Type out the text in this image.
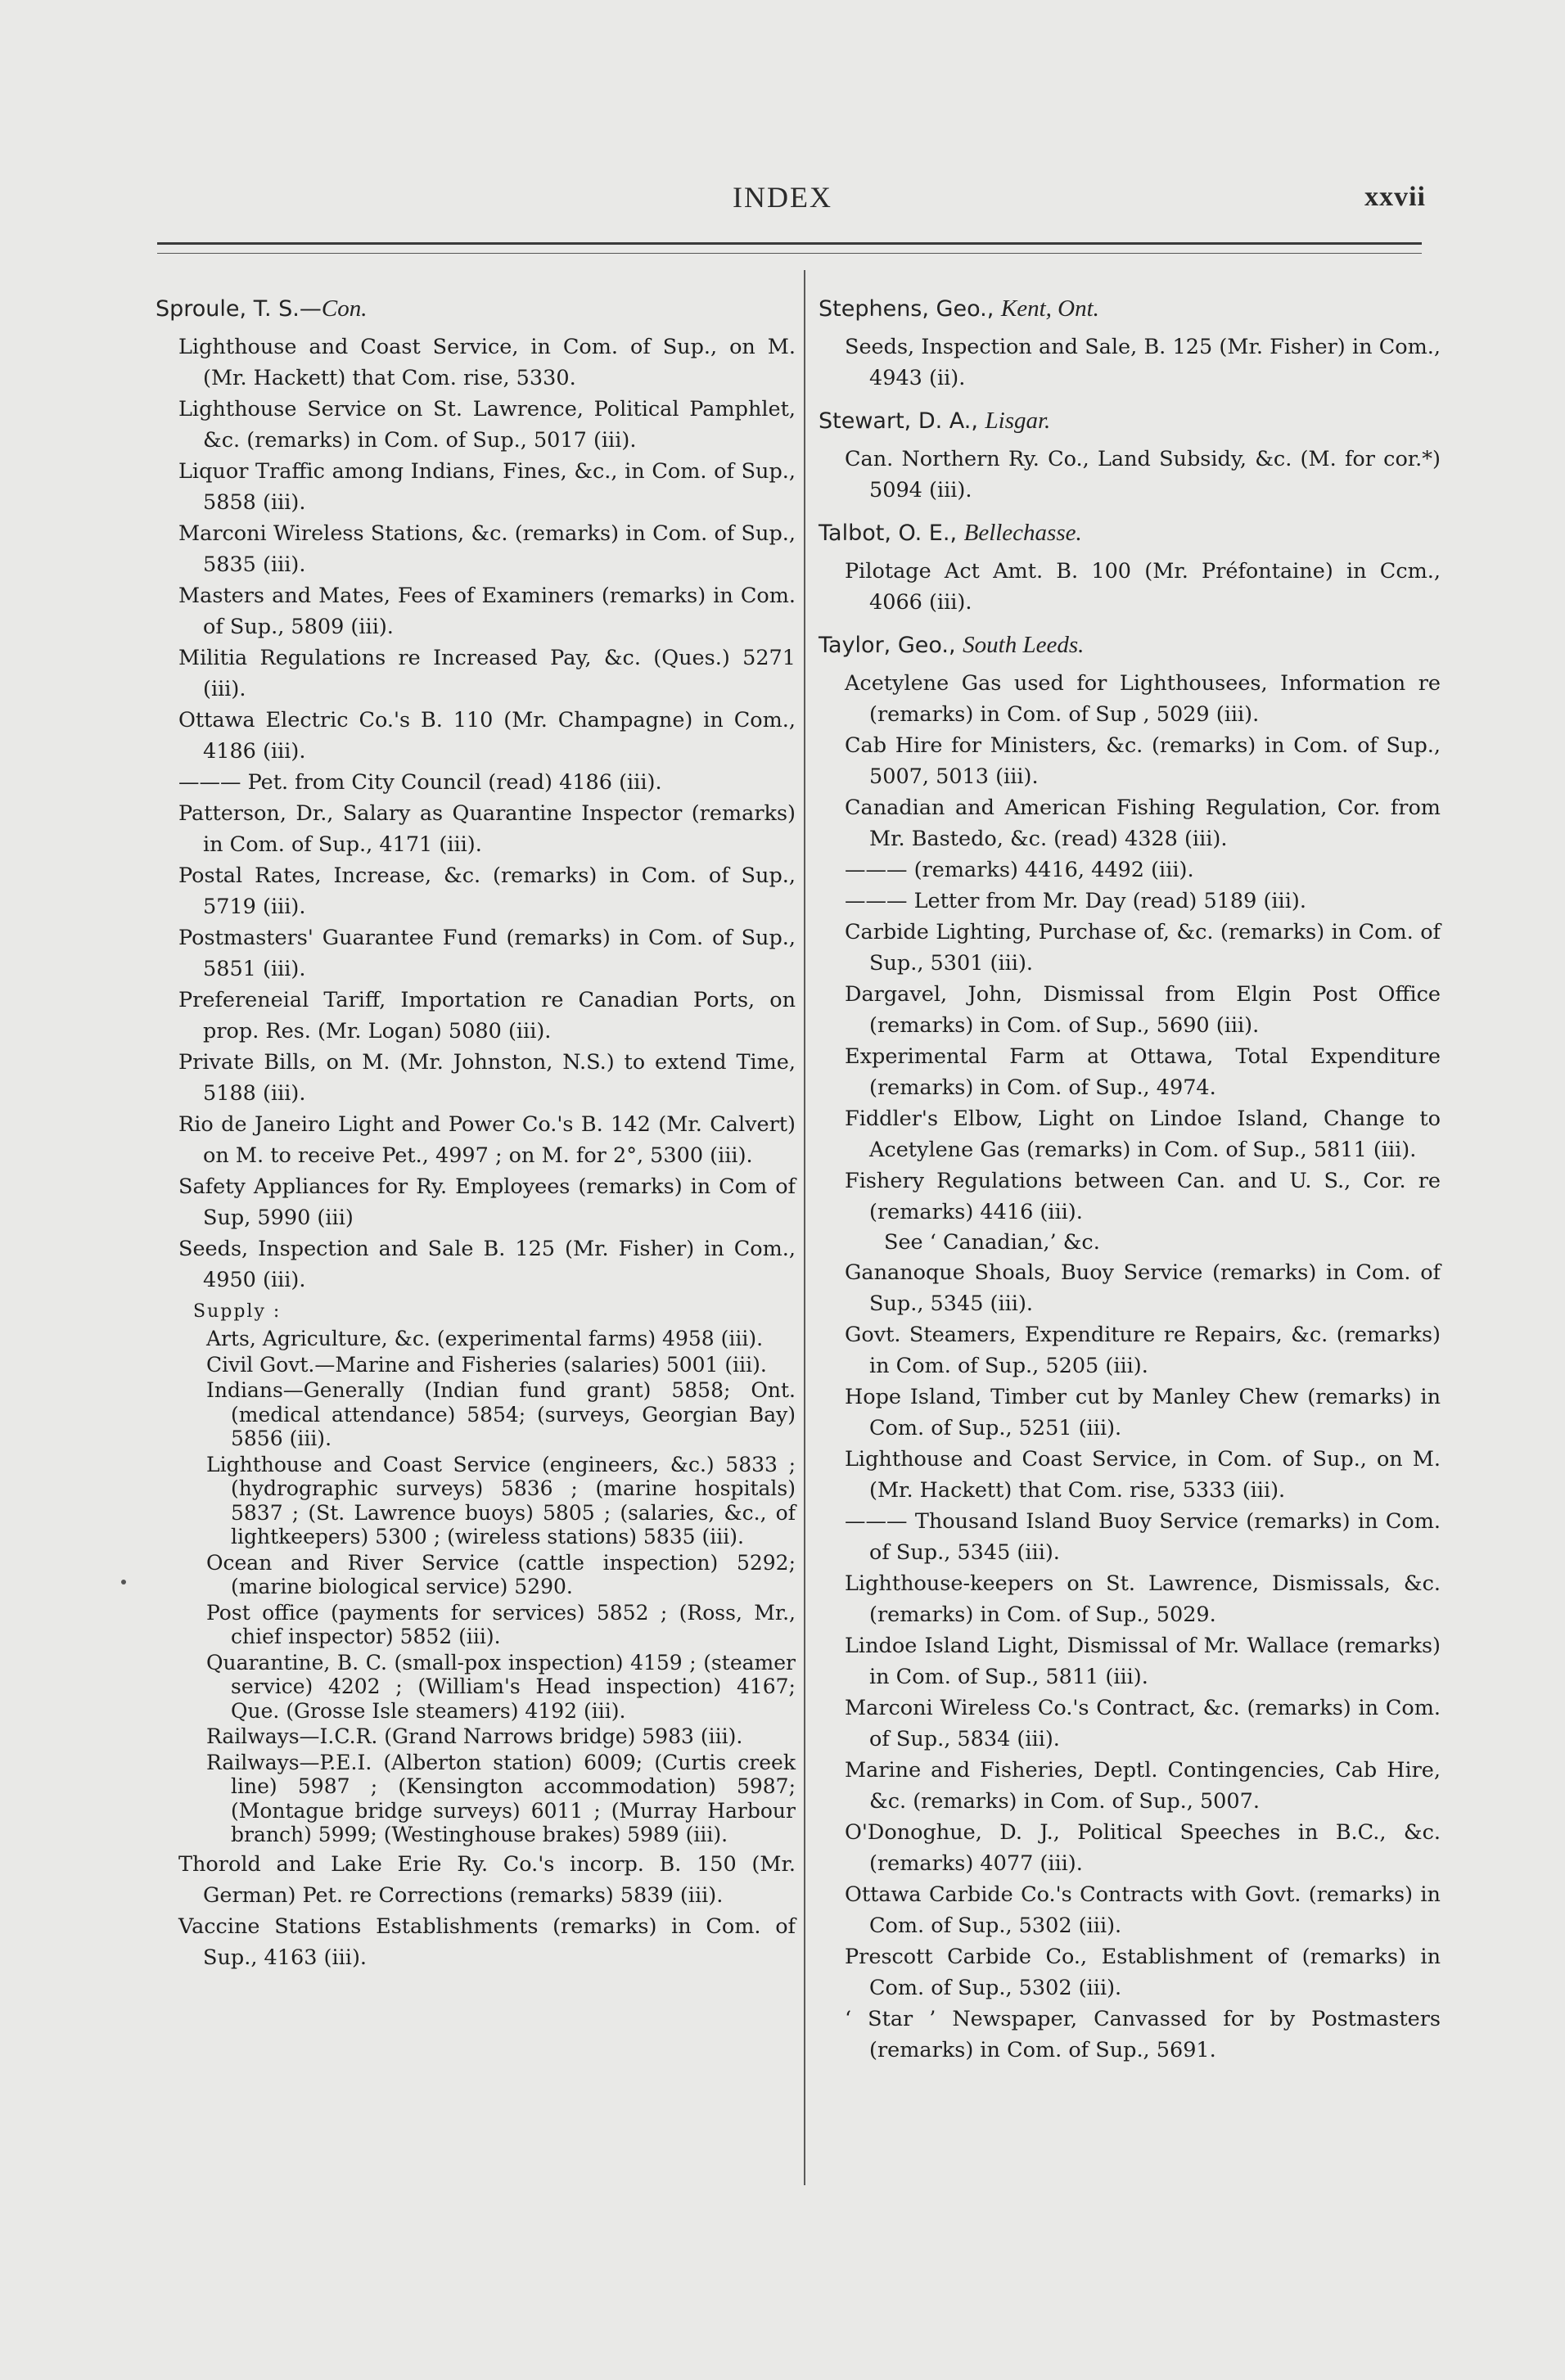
INDEX	xxvii
Sproule, T. S.—Con.
Lighthouse and Coast Service, in Com. of Sup., on M. (Mr. Hackett) that Com. rise, 5330.
Lighthouse Service on St. Lawrence, Political Pamphlet, &c. (remarks) in Com. of Sup., 5017 (iii).
Liquor Traffic among Indians, Fines, &c., in Com. of Sup., 5858 (iii).
Marconi Wireless Stations, &c. (remarks) in Com. of Sup., 5835 (iii).
Masters and Mates, Fees of Examiners (remarks) in Com. of Sup., 5809 (iii).
Militia Regulations re Increased Pay, &c. (Ques.) 5271 (iii).
Ottawa Electric Co.'s B. 110 (Mr. Champagne) in Com., 4186 (iii).
——— Pet. from City Council (read) 4186 (iii).
Patterson, Dr., Salary as Quarantine Inspector (remarks) in Com. of Sup., 4171 (iii).
Postal Rates, Increase, &c. (remarks) in Com. of Sup., 5719 (iii).
Postmasters' Guarantee Fund (remarks) in Com. of Sup., 5851 (iii).
Prefereneial Tariff, Importation re Canadian Ports, on prop. Res. (Mr. Logan) 5080 (iii).
Private Bills, on M. (Mr. Johnston, N.S.) to extend Time, 5188 (iii).
Rio de Janeiro Light and Power Co.'s B. 142 (Mr. Calvert) on M. to receive Pet., 4997 ; on M. for 2°, 5300 (iii).
Safety Appliances for Ry. Employees (remarks) in Com of Sup, 5990 (iii)
Seeds, Inspection and Sale B. 125 (Mr. Fisher) in Com., 4950 (iii).
Supply :
Arts, Agriculture, &c. (experimental farms) 4958 (iii).
Civil Govt.—Marine and Fisheries (salaries) 5001 (iii).
Indians—Generally (Indian fund grant) 5858; Ont. (medical attendance) 5854; (surveys, Georgian Bay) 5856 (iii).
Lighthouse and Coast Service (engineers, &c.) 5833 ; (hydrographic surveys) 5836 ; (marine hospitals) 5837 ; (St. Lawrence buoys) 5805 ; (salaries, &c., of lightkeepers) 5300 ; (wireless stations) 5835 (iii).
Ocean and River Service (cattle inspection) 5292; (marine biological service) 5290.
Post office (payments for services) 5852 ; (Ross, Mr., chief inspector) 5852 (iii).
Quarantine, B. C. (small-pox inspection) 4159 ; (steamer service) 4202 ; (William's Head inspection) 4167; Que. (Grosse Isle steamers) 4192 (iii).
Railways—I.C.R. (Grand Narrows bridge) 5983 (iii).
Railways—P.E.I. (Alberton station) 6009; (Curtis creek line) 5987 ; (Kensington accommodation) 5987; (Montague bridge surveys) 6011 ; (Murray Harbour branch) 5999; (Westinghouse brakes) 5989 (iii).
Thorold and Lake Erie Ry. Co.'s incorp. B. 150 (Mr. German) Pet. re Corrections (remarks) 5839 (iii).
Vaccine Stations Establishments (remarks) in Com. of Sup., 4163 (iii).
Stephens, Geo., Kent, Ont.
Seeds, Inspection and Sale, B. 125 (Mr. Fisher) in Com., 4943 (ii).
Stewart, D. A., Lisgar.
Can. Northern Ry. Co., Land Subsidy, &c. (M. for cor.*) 5094 (iii).
Talbot, O. E., Bellechasse.
Pilotage Act Amt. B. 100 (Mr. Préfontaine) in Ccm., 4066 (iii).
Taylor, Geo., South Leeds.
Acetylene Gas used for Lighthousees, Information re (remarks) in Com. of Sup , 5029 (iii).
Cab Hire for Ministers, &c. (remarks) in Com. of Sup., 5007, 5013 (iii).
Canadian and American Fishing Regulation, Cor. from Mr. Bastedo, &c. (read) 4328 (iii).
——— (remarks) 4416, 4492 (iii).
——— Letter from Mr. Day (read) 5189 (iii).
Carbide Lighting, Purchase of, &c. (remarks) in Com. of Sup., 5301 (iii).
Dargavel, John, Dismissal from Elgin Post Office (remarks) in Com. of Sup., 5690 (iii).
Experimental Farm at Ottawa, Total Expenditure (remarks) in Com. of Sup., 4974.
Fiddler's Elbow, Light on Lindoe Island, Change to Acetylene Gas (remarks) in Com. of Sup., 5811 (iii).
Fishery Regulations between Can. and U. S., Cor. re (remarks) 4416 (iii).
See ‘ Canadian,’ &c.
Gananoque Shoals, Buoy Service (remarks) in Com. of Sup., 5345 (iii).
Govt. Steamers, Expenditure re Repairs, &c. (remarks) in Com. of Sup., 5205 (iii).
Hope Island, Timber cut by Manley Chew (remarks) in Com. of Sup., 5251 (iii).
Lighthouse and Coast Service, in Com. of Sup., on M. (Mr. Hackett) that Com. rise, 5333 (iii).
——— Thousand Island Buoy Service (remarks) in Com. of Sup., 5345 (iii).
Lighthouse-keepers on St. Lawrence, Dismissals, &c. (remarks) in Com. of Sup., 5029.
Lindoe Island Light, Dismissal of Mr. Wallace (remarks) in Com. of Sup., 5811 (iii).
Marconi Wireless Co.'s Contract, &c. (remarks) in Com. of Sup., 5834 (iii).
Marine and Fisheries, Deptl. Contingencies, Cab Hire, &c. (remarks) in Com. of Sup., 5007.
O'Donoghue, D. J., Political Speeches in B.C., &c. (remarks) 4077 (iii).
Ottawa Carbide Co.'s Contracts with Govt. (remarks) in Com. of Sup., 5302 (iii).
Prescott Carbide Co., Establishment of (remarks) in Com. of Sup., 5302 (iii).
‘ Star ’ Newspaper, Canvassed for by Postmasters (remarks) in Com. of Sup., 5691.
